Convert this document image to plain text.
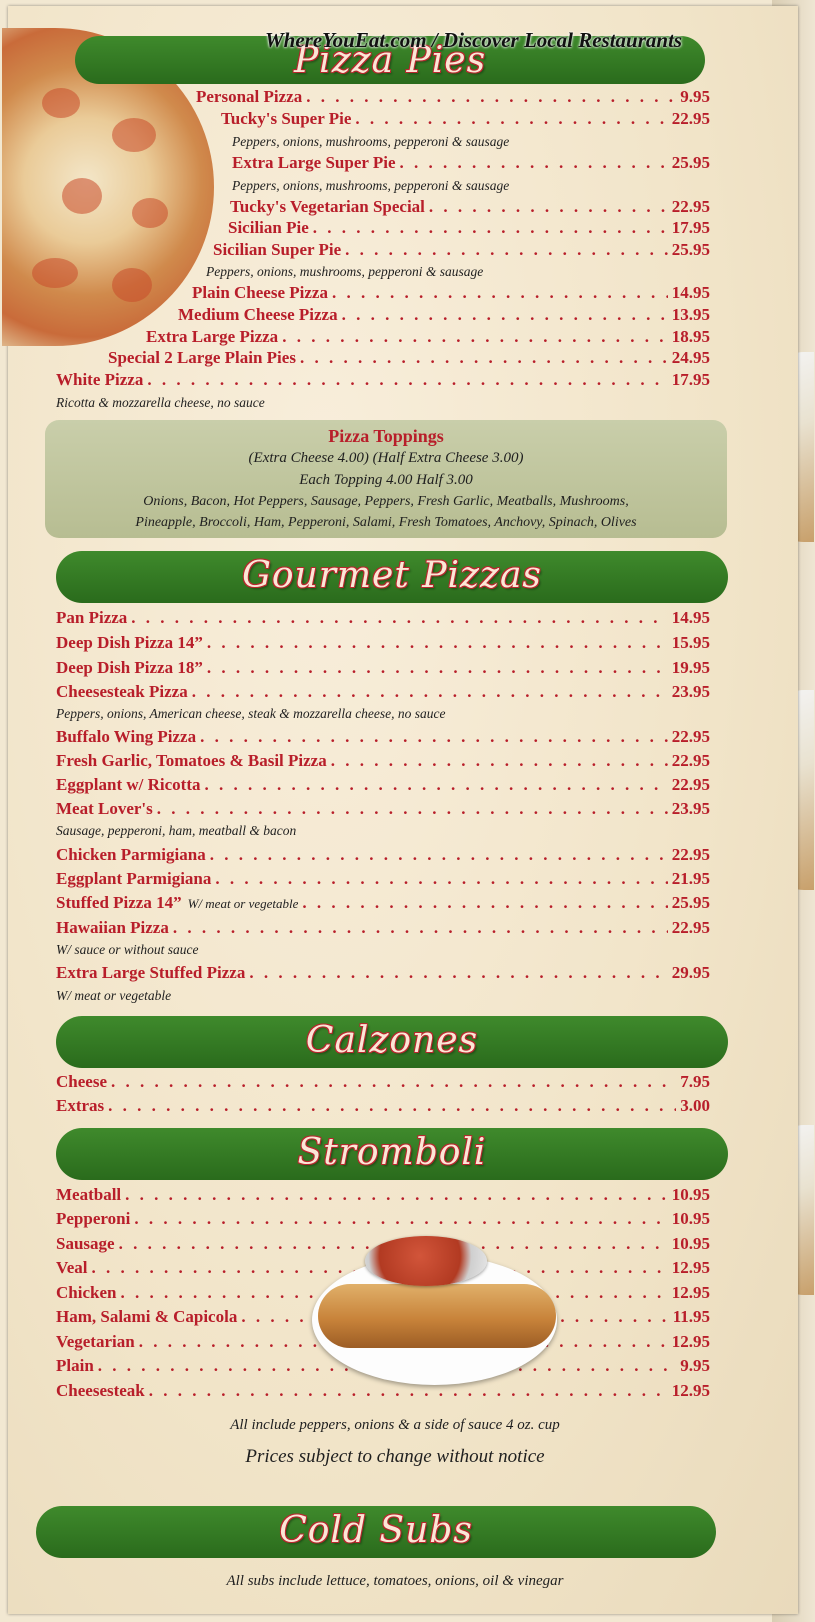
Pizza Pies
WhereYouEat.com / Discover Local Restaurants
Personal Pizza . . .	9.95
Tucky's Super Pie . . .	22.95
Peppers, onions, mushrooms, pepperoni & sausage
Extra Large Super Pie . . .	25.95
Peppers, onions, mushrooms, pepperoni & sausage
Tucky's Vegetarian Special . . .	22.95
Sicilian Pie . . .	17.95
Sicilian Super Pie . . .	25.95
Peppers, onions, mushrooms, pepperoni & sausage
Plain Cheese Pizza . . .	14.95
Medium Cheese Pizza . . .	13.95
Extra Large Pizza . . .	18.95
Special 2 Large Plain Pies . . .	24.95
White Pizza . . .	17.95
Ricotta & mozzarella cheese, no sauce
Pizza Toppings
(Extra Cheese 4.00) (Half Extra Cheese 3.00)
Each Topping 4.00 Half 3.00
Onions, Bacon, Hot Peppers, Sausage, Peppers, Fresh Garlic, Meatballs, Mushrooms,
Pineapple, Broccoli, Ham, Pepperoni, Salami, Fresh Tomatoes, Anchovy, Spinach, Olives
Gourmet Pizzas
Pan Pizza . . .	14.95
Deep Dish Pizza 14” . . .	15.95
Deep Dish Pizza 18” . . .	19.95
Cheesesteak Pizza . . .	23.95
Peppers, onions, American cheese, steak & mozzarella cheese, no sauce
Buffalo Wing Pizza . . .	22.95
Fresh Garlic, Tomatoes & Basil Pizza . . .	22.95
Eggplant w/ Ricotta . . .	22.95
Meat Lover's . . .	23.95
Sausage, pepperoni, ham, meatball & bacon
Chicken Parmigiana . . .	22.95
Eggplant Parmigiana . . .	21.95
Stuffed Pizza 14” W/ meat or vegetable . . .	25.95
Hawaiian Pizza . . .	22.95
W/ sauce or without sauce
Extra Large Stuffed Pizza . . .	29.95
W/ meat or vegetable
Calzones
Cheese . . .	7.95
Extras . . .	3.00
Stromboli
Meatball . . .	10.95
Pepperoni . . .	10.95
Sausage . . .	10.95
Veal . . .	12.95
Chicken . . .	12.95
Ham, Salami & Capicola . . .	11.95
Vegetarian . . .	12.95
Plain . . .	9.95
Cheesesteak . . .	12.95
All include peppers, onions & a side of sauce 4 oz. cup
Prices subject to change without notice
Cold Subs
All subs include lettuce, tomatoes, onions, oil & vinegar
